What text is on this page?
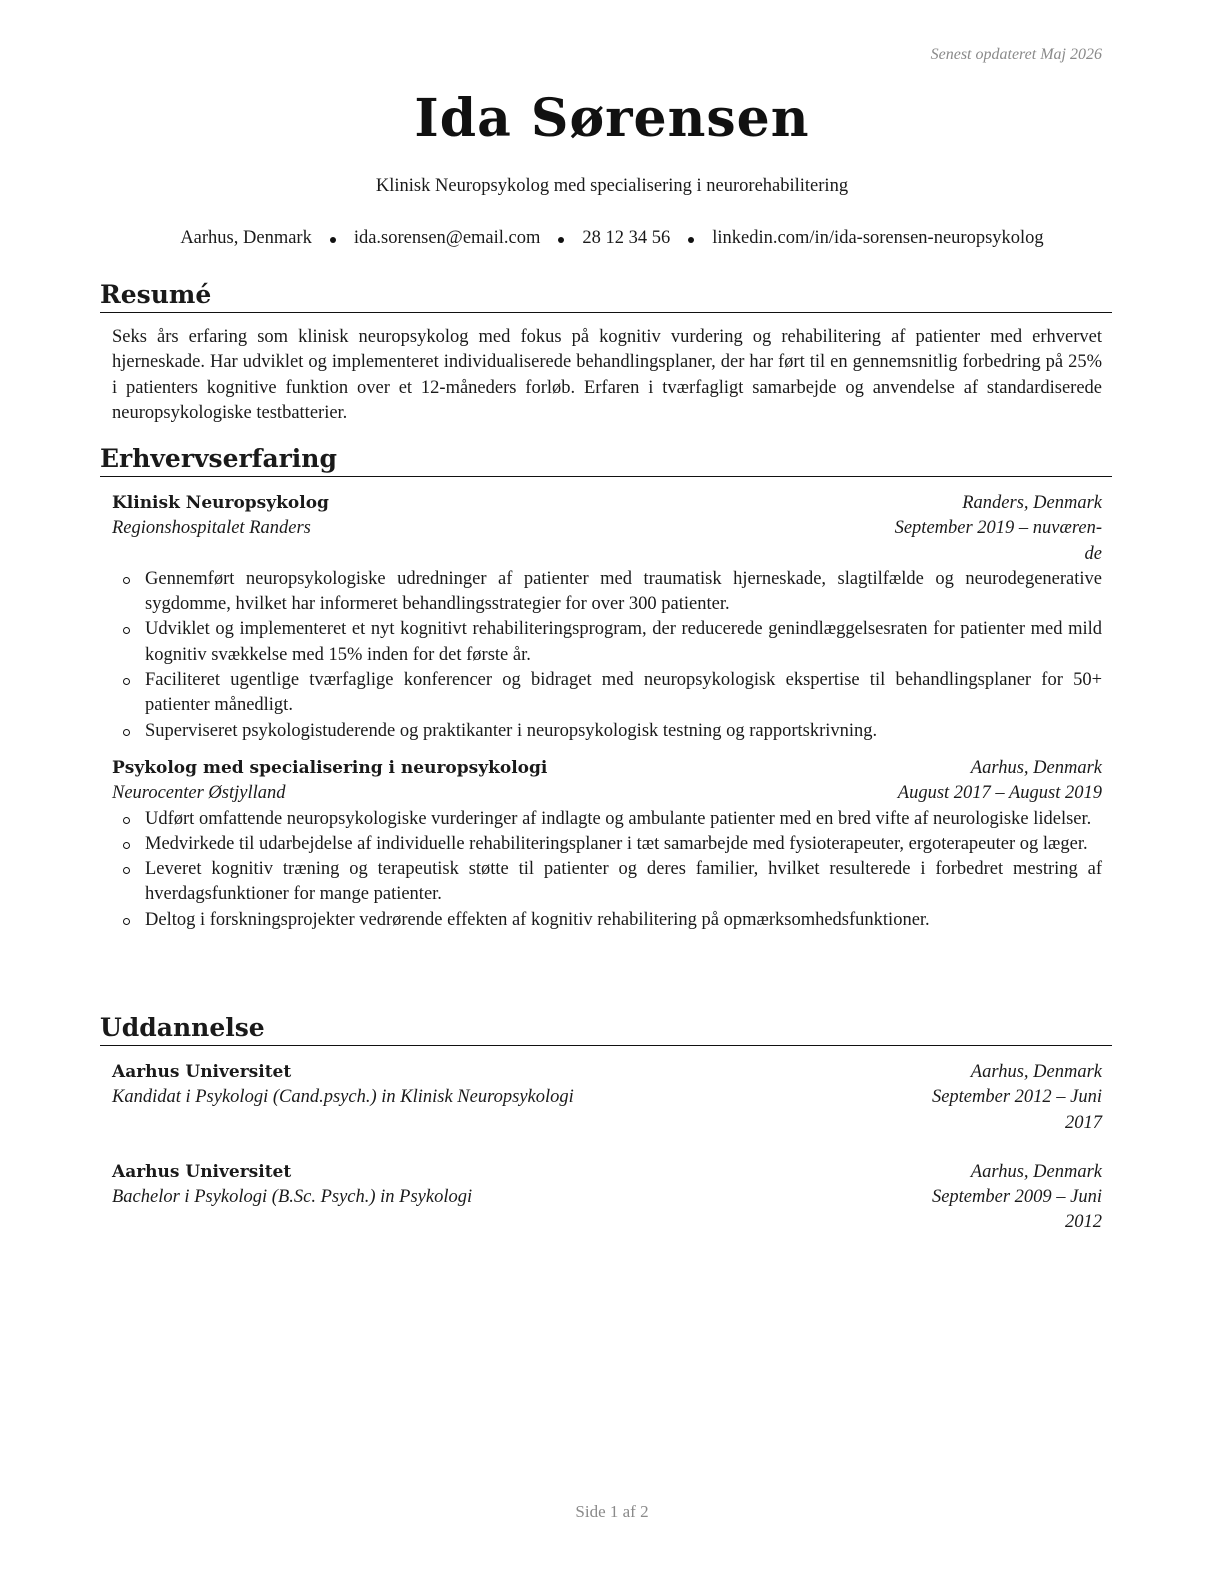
Senest opdateret Maj 2026
Ida Sørensen
Klinisk Neuropsykolog med specialisering i neurorehabilitering
Aarhus, Denmark ida.sorensen@email.com 28 12 34 56 linkedin.com/in/ida-sorensen-neuropsykolog
Resumé

Seks års erfaring som klinisk neuropsykolog med fokus på kognitiv vurdering og rehabilitering af patienter med erhvervet hjerneskade. Har udviklet og implementeret individualiserede behandlingsplaner, der har ført til en gennemsnitlig forbedring på 25% i patienters kognitive funktion over et 12-måneders forløb. Erfaren i tværfagligt samarbejde og anvendelse af standardiserede neuropsykologiske testbatterier.

Erhvervserfaring
Klinisk Neuropsykolog	Randers, Denmark
Regionshospitalet Randers	September 2019 – nuværen-
de
Gennemført neuropsykologiske udredninger af patienter med traumatisk hjerneskade, slagtilfælde og neurodegenerative sygdomme, hvilket har informeret behandlingsstrategier for over 300 patienter.
Udviklet og implementeret et nyt kognitivt rehabiliteringsprogram, der reducerede genindlæggelsesraten for patienter med mild kognitiv svækkelse med 15% inden for det første år.
Faciliteret ugentlige tværfaglige konferencer og bidraget med neuropsykologisk ekspertise til behandlingsplaner for 50+ patienter månedligt.
Superviseret psykologistuderende og praktikanter i neuropsykologisk testning og rapportskrivning.
Psykolog med specialisering i neuropsykologi	Aarhus, Denmark
Neurocenter Østjylland	August 2017 – August 2019
Udført omfattende neuropsykologiske vurderinger af indlagte og ambulante patienter med en bred vifte af neurologiske lidelser.
Medvirkede til udarbejdelse af individuelle rehabiliteringsplaner i tæt samarbejde med fysioterapeuter, ergoterapeuter og læger.
Leveret kognitiv træning og terapeutisk støtte til patienter og deres familier, hvilket resulterede i forbedret mestring af hverdagsfunktioner for mange patienter.
Deltog i forskningsprojekter vedrørende effekten af kognitiv rehabilitering på opmærksomhedsfunktioner.
Uddannelse
Aarhus Universitet	Aarhus, Denmark
Kandidat i Psykologi (Cand.psych.) in Klinisk Neuropsykologi	September 2012 – Juni
2017
Aarhus Universitet	Aarhus, Denmark
Bachelor i Psykologi (B.Sc. Psych.) in Psykologi	September 2009 – Juni
2012
Side 1 af 2
